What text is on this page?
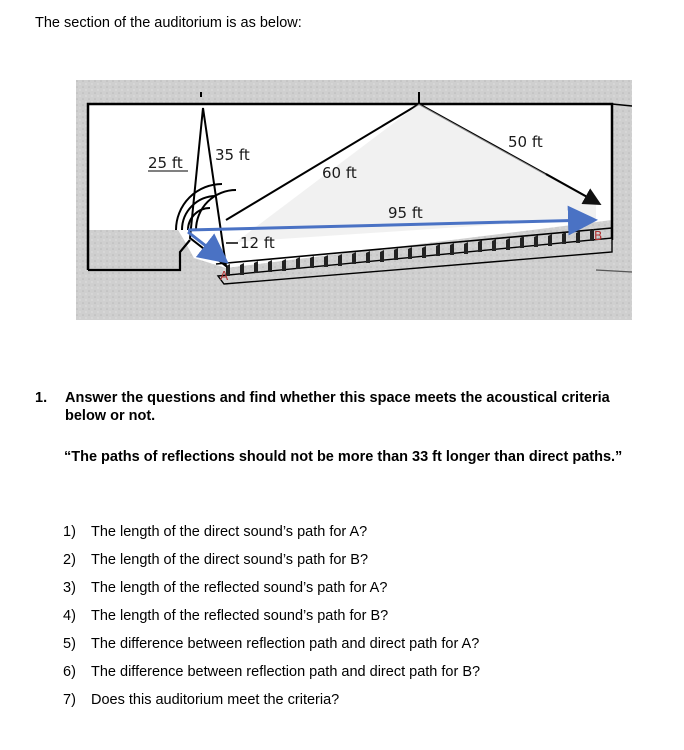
The section of the auditorium is as below:
25 ft 35 ft
60 ft
50 ft
95 ft
12 ft
A
B
1. Answer the questions and find whether this space meets the acoustical criteria below or not.
“The paths of reflections should not be more than 33 ft longer than direct paths.”
1) The length of the direct sound’s path for A?
2) The length of the direct sound’s path for B?
3) The length of the reflected sound’s path for A?
4) The length of the reflected sound’s path for B?
5) The difference between reflection path and direct path for A?
6) The difference between reflection path and direct path for B?
7) Does this auditorium meet the criteria?
